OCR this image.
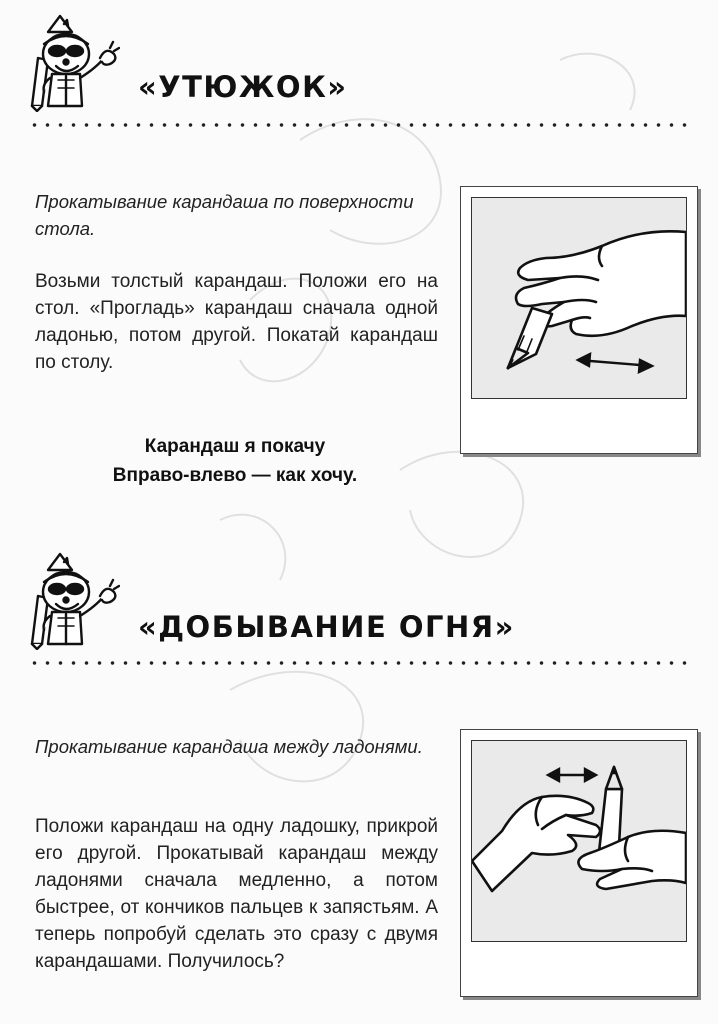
«УТЮЖОК»

Прокатывание карандаша по поверхности стола.

Возьми толстый карандаш. Положи его на стол. «Прогладь» карандаш сначала одной ладонью, потом другой. Покатай карандаш по столу.

Карандаш я покачу
Вправо-влево — как хочу.
«ДОБЫВАНИЕ ОГНЯ»

Прокатывание карандаша между ладонями.

Положи карандаш на одну ладошку, прикрой его другой. Прокатывай карандаш между ладонями сначала медленно, а потом быстрее, от кончиков пальцев к запястьям. А теперь попробуй сделать это сразу с двумя карандашами. Получилось?
